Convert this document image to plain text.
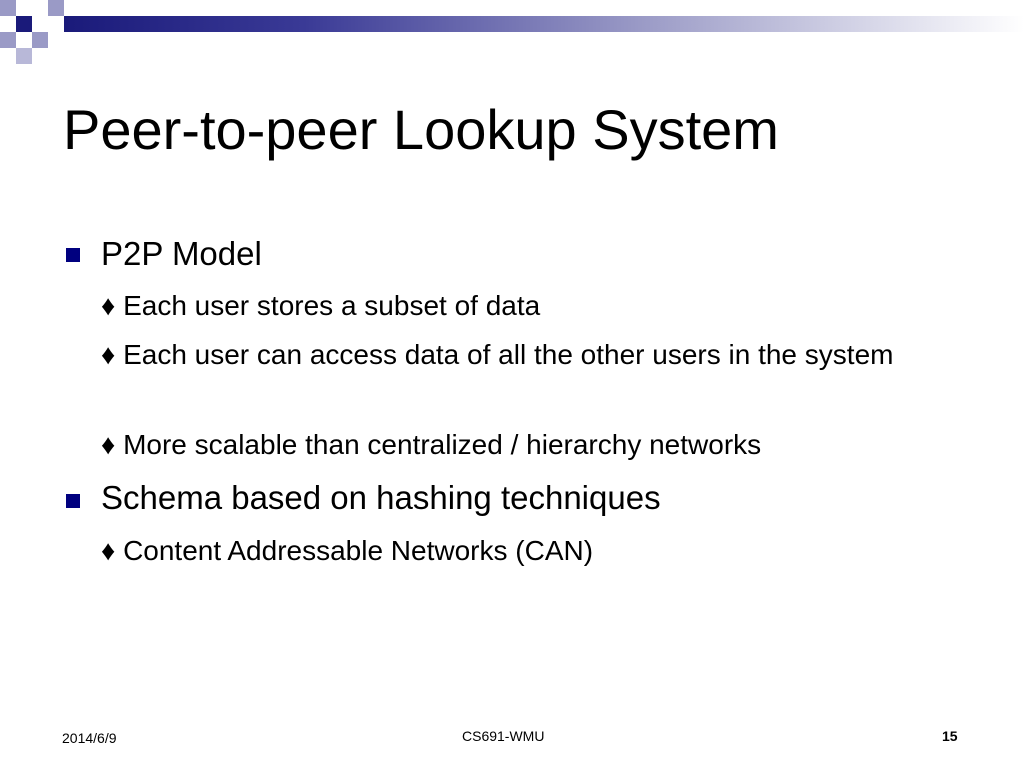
Peer-to-peer Lookup System
P2P Model
♦ Each user stores a subset of data
♦ Each user can access data of all the other users in the system
♦ More scalable than centralized / hierarchy networks
Schema based on hashing techniques
♦ Content Addressable Networks (CAN)
2014/6/9	CS691-WMU	15
